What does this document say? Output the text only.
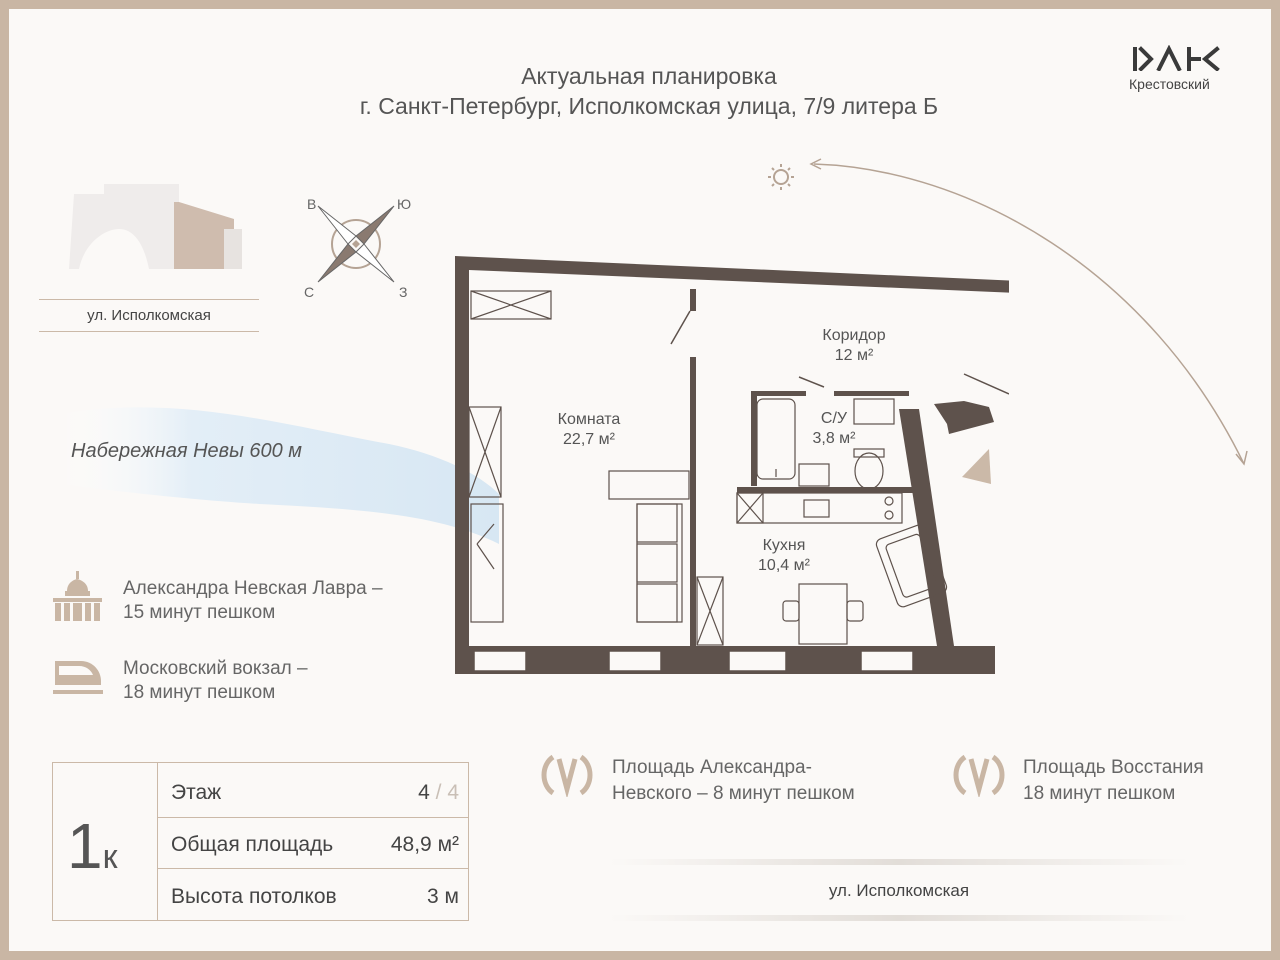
Актуальная планировка
г. Санкт-Петербург, Исполкомская улица, 7/9 литера Б
Крестовский
ул. Исполкомская
В	Ю
З
С
Набережная Невы 600 м
Александра Невская Лавра –
15 минут пешком
Московский вокзал –
18 минут пешком
Площадь Александра-
Невского – 8 минут пешком
Площадь Восстания
18 минут пешком
ул. Исполкомская
Комната
22,7 м²
Коридор
12 м²
С/У
3,8 м²
Кухня
10,4 м²
1к
Этаж	4 / 4
Общая площадь	48,9 м²
Высота потолков	3 м
